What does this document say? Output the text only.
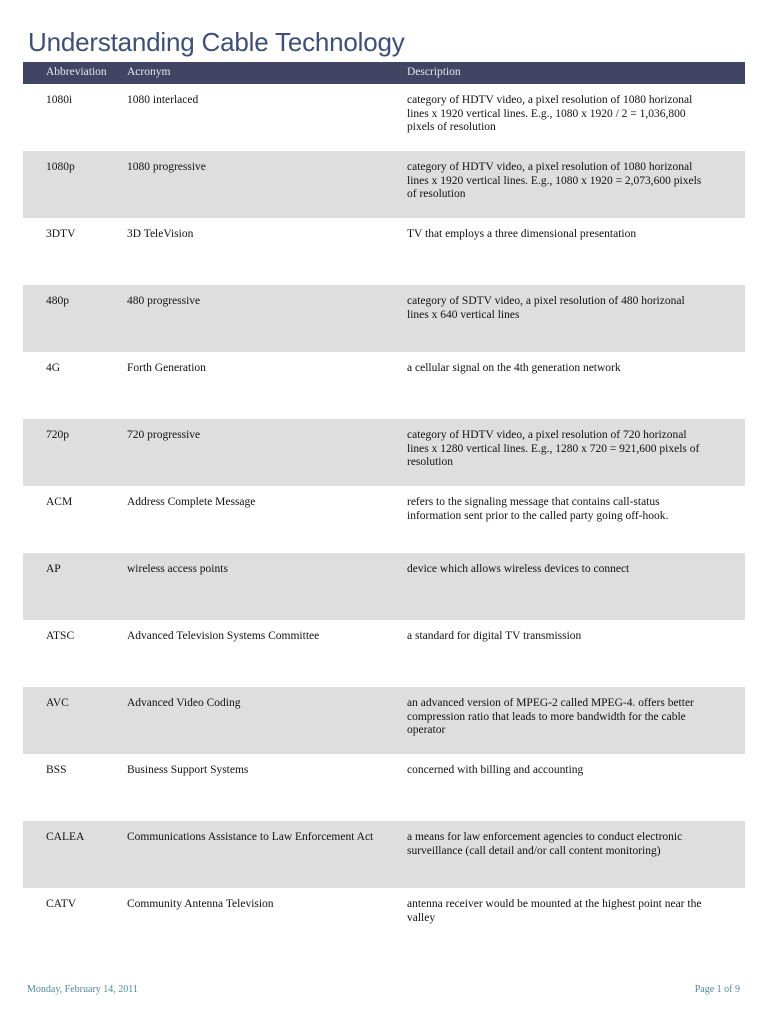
Understanding Cable Technology
Abbreviation Acronym	Description
1080i	1080 interlaced	category of HDTV video, a pixel resolution of 1080 horizonal lines x 1920 vertical lines. E.g., 1080 x 1920 / 2 = 1,036,800 pixels of resolution
1080p	1080 progressive	category of HDTV video, a pixel resolution of 1080 horizonal lines x 1920 vertical lines. E.g., 1080 x 1920 = 2,073,600 pixels of resolution
3DTV	3D TeleVision	TV that employs a three dimensional presentation
480p	480 progressive	category of SDTV video, a pixel resolution of 480 horizonal lines x 640 vertical lines
4G	Forth Generation	a cellular signal on the 4th generation network
720p	720 progressive	category of HDTV video, a pixel resolution of 720 horizonal lines x 1280 vertical lines. E.g., 1280 x 720 = 921,600 pixels of resolution
ACM	Address Complete Message	refers to the signaling message that contains call-status information sent prior to the called party going off-hook.
AP	wireless access points	device which allows wireless devices to connect
ATSC	Advanced Television Systems Committee	a standard for digital TV transmission
AVC	Advanced Video Coding	an advanced version of MPEG-2 called MPEG-4. offers better compression ratio that leads to more bandwidth for the cable operator
BSS	Business Support Systems	concerned with billing and accounting
CALEA	Communications Assistance to Law Enforcement Act	a means for law enforcement agencies to conduct electronic surveillance (call detail and/or call content monitoring)
CATV	Community Antenna Television	antenna receiver would be mounted at the highest point near the valley
Monday, February 14, 2011	Page 1 of 9
